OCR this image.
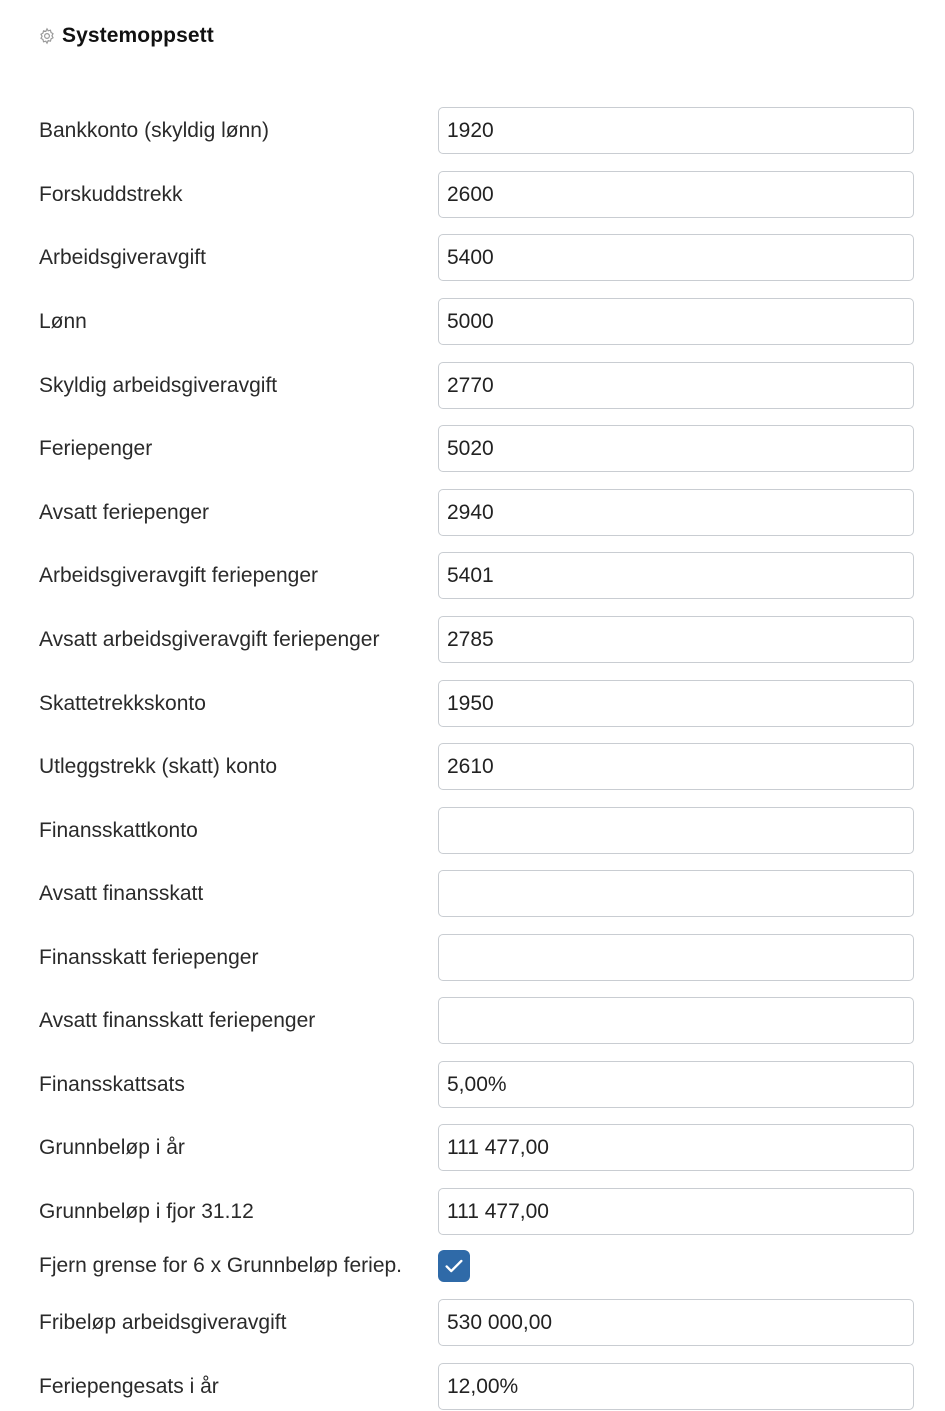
Systemoppsett
Bankkonto (skyldig lønn)
1920
Forskuddstrekk
2600
Arbeidsgiveravgift
5400
Lønn
5000
Skyldig arbeidsgiveravgift
2770
Feriepenger
5020
Avsatt feriepenger
2940
Arbeidsgiveravgift feriepenger
5401
Avsatt arbeidsgiveravgift feriepenger
2785
Skattetrekkskonto
1950
Utleggstrekk (skatt) konto
2610
Finansskattkonto
Avsatt finansskatt
Finansskatt feriepenger
Avsatt finansskatt feriepenger
Finansskattsats
5,00%
Grunnbeløp i år
111 477,00
Grunnbeløp i fjor 31.12
111 477,00
Fjern grense for 6 x Grunnbeløp feriep.
Fribeløp arbeidsgiveravgift
530 000,00
Feriepengesats i år
12,00%
